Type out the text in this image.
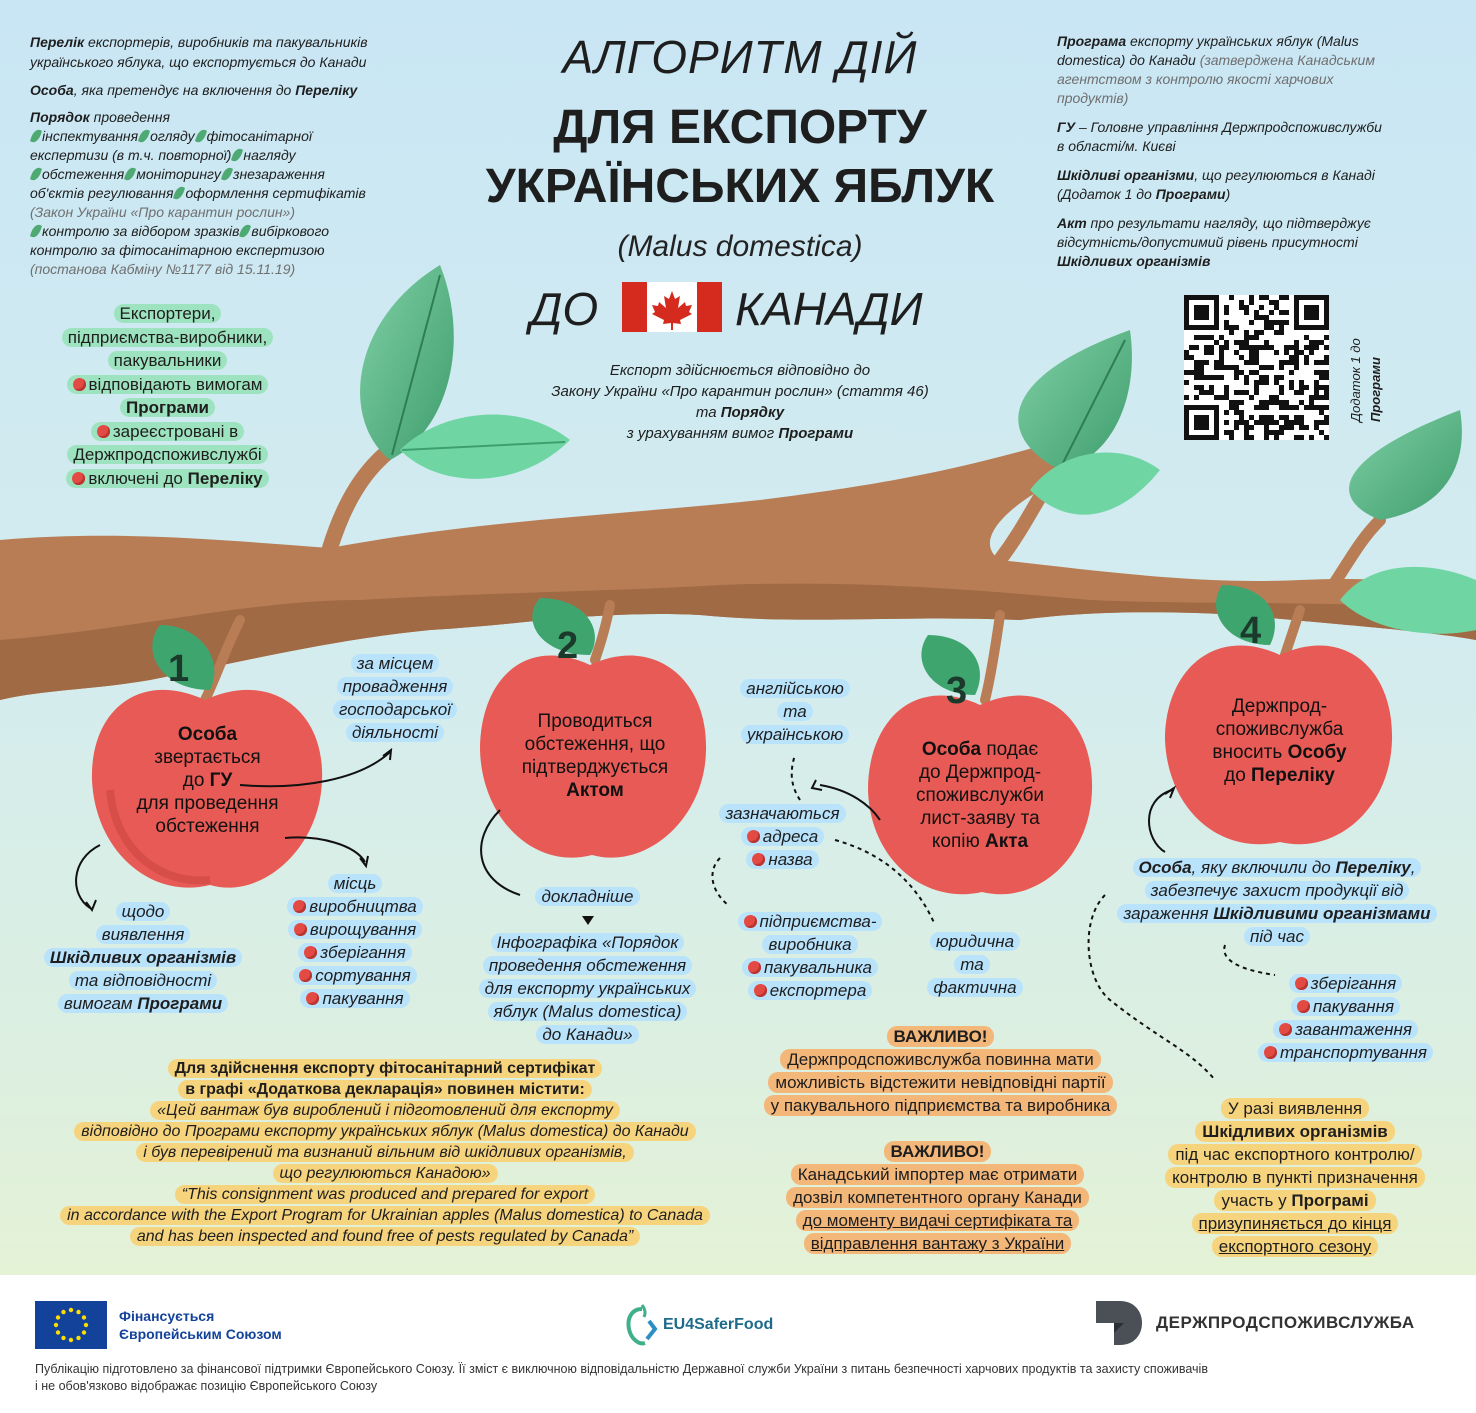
Перелік експортерів, виробників та пакувальників
українського яблука, що експортується до Канади
Особа, яка претендує на включення до Переліку
Порядок проведення
інспектування огляду фітосанітарної
експертизи (в т.ч. повторної) нагляду
обстеження моніторингу знезараження
об'єктів регулювання оформлення сертифікатів
(Закон України «Про карантин рослин»)
контролю за відбором зразків вибіркового
контролю за фітосанітарною експертизою
(постанова Кабміну №1177 від 15.11.19)
АЛГОРИТМ ДІЙ
ДЛЯ ЕКСПОРТУ
УКРАЇНСЬКИХ ЯБЛУК
(Malus domestica)
ДО	КАНАДИ
Експорт здійснюється відповідно до
Закону України «Про карантин рослин» (стаття 46)
та Порядку
з урахуванням вимог Програми
Програма експорту українських яблук (Malus
domestica) до Канади (затверджена Канадським
агентством з контролю якості харчових
продуктів)
ГУ – Головне управління Держпродспоживслужби
в області/м. Києві
Шкідливі організми, що регулюються в Канаді
(Додаток 1 до Програми)
Акт про результати нагляду, що підтверджує
відсутність/допустимий рівень присутності
Шкідливих організмів
Додаток 1 до Програми
Експортери,
підприємства-виробники,
пакувальники
відповідають вимогам
Програми
зареєстровані в
Держпродспоживслужбі
включені до Переліку
1
2
3
4
Особа
звертається
до ГУ
для проведення
обстеження
Проводиться
обстеження, що
підтверджується
Актом
Особа подає
до Держпрод-
споживслужби
лист-заяву та
копію Акта
Держпрод-
споживслужба
вносить Особу
до Переліку
за місцем
провадження
господарської
діяльності
щодо
виявлення
Шкідливих організмів
та відповідності
вимогам Програми
місць
виробництва
вирощування
зберігання
сортування
пакування
докладніше

Інфографіка «Порядок
проведення обстеження
для експорту українських
яблук (Malus domestica)
до Канади»
англійською
та
українською
зазначаються
адреса
назва
підприємства-
виробника
пакувальника
експортера
юридична
та фактична
Особа, яку включили до Переліку,
забезпечує захист продукції від
зараження Шкідливими організмами
під час
зберігання
пакування
завантаження
транспортування
У разі виявлення
Шкідливих організмів
під час експортного контролю/
контролю в пункті призначення
участь у Програмі
призупиняється до кінця
експортного сезону
ВАЖЛИВО!
Держпродспоживслужба повинна мати
можливість відстежити невідповідні партії
у пакувального підприємства та виробника
ВАЖЛИВО!
Канадський імпортер має отримати
дозвіл компетентного органу Канади
до моменту видачі сертифіката та
відправлення вантажу з України
Для здійснення експорту фітосанітарний сертифікат
в графі «Додаткова декларація» повинен містити:
«Цей вантаж був вироблений і підготовлений для експорту
відповідно до Програми експорту українських яблук (Malus domestica) до Канади
і був перевірений та визнаний вільним від шкідливих організмів,
що регулюються Канадою»
“This consignment was produced and prepared for export
in accordance with the Export Program for Ukrainian apples (Malus domestica) to Canada
and has been inspected and found free of pests regulated by Canada”
Фінансується
Європейським Союзом
EU4SaferFood	ДЕРЖПРОДСПОЖИВСЛУЖБА
Публікацію підготовлено за фінансової підтримки Європейського Союзу. Її зміст є виключною відповідальністю Державної служби України з питань безпечності харчових продуктів та захисту споживачів
і не обов'язково відображає позицію Європейського Союзу
